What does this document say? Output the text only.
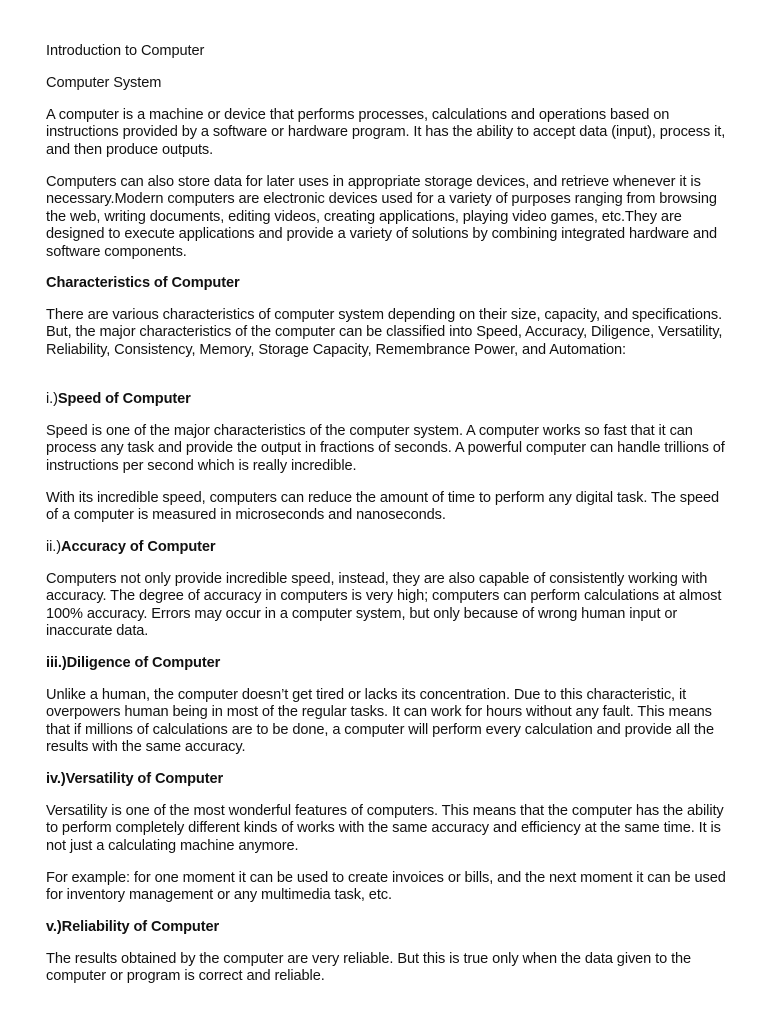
Introduction to Computer

Computer System

A computer is a machine or device that performs processes, calculations and operations based on instructions provided by a software or hardware program. It has the ability to accept data (input), process it, and then produce outputs.

Computers can also store data for later uses in appropriate storage devices, and retrieve whenever it is necessary.Modern computers are electronic devices used for a variety of purposes ranging from browsing the web, writing documents, editing videos, creating applications, playing video games, etc.They are designed to execute applications and provide a variety of solutions by combining integrated hardware and software components.

Characteristics of Computer

There are various characteristics of computer system depending on their size, capacity, and specifications. But, the major characteristics of the computer can be classified into Speed, Accuracy, Diligence, Versatility, Reliability, Consistency, Memory, Storage Capacity, Remembrance Power, and Automation:

i.)Speed of Computer

Speed is one of the major characteristics of the computer system. A computer works so fast that it can process any task and provide the output in fractions of seconds. A powerful computer can handle trillions of instructions per second which is really incredible.

With its incredible speed, computers can reduce the amount of time to perform any digital task. The speed of a computer is measured in microseconds and nanoseconds.

ii.)Accuracy of Computer

Computers not only provide incredible speed, instead, they are also capable of consistently working with accuracy. The degree of accuracy in computers is very high; computers can perform calculations at almost 100% accuracy. Errors may occur in a computer system, but only because of wrong human input or inaccurate data.

iii.)Diligence of Computer

Unlike a human, the computer doesn’t get tired or lacks its concentration. Due to this characteristic, it overpowers human being in most of the regular tasks. It can work for hours without any fault. This means that if millions of calculations are to be done, a computer will perform every calculation and provide all the results with the same accuracy.

iv.)Versatility of Computer

Versatility is one of the most wonderful features of computers. This means that the computer has the ability to perform completely different kinds of works with the same accuracy and efficiency at the same time. It is not just a calculating machine anymore.

For example: for one moment it can be used to create invoices or bills, and the next moment it can be used for inventory management or any multimedia task, etc.

v.)Reliability of Computer

The results obtained by the computer are very reliable. But this is true only when the data given to the computer or program is correct and reliable.
